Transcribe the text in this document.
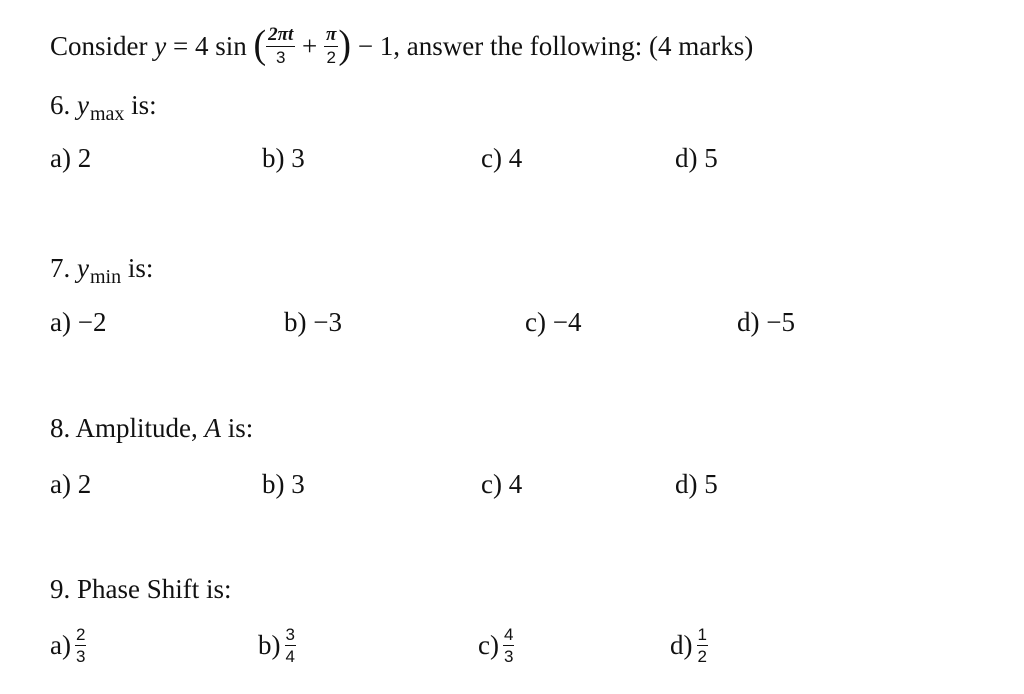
Consider y = 4 sin ( $\frac{2\pi t}{3} + \frac{\pi}{2}$ ) − 1, answer the following: (4 marks)
6. $y_{max}$ is:
a) 2	b) 3	c) 4	d) 5
7. $y_{min}$ is:
a) −2	b) −3	c) −4	d) −5
8. Amplitude, A is:
a) 2	b) 3	c) 4	d) 5
9. Phase Shift is:
$a) \frac{2}{3}$	$b) \frac{3}{4}$	$c) \frac{4}{3}$	$d) \frac{1}{2}$
